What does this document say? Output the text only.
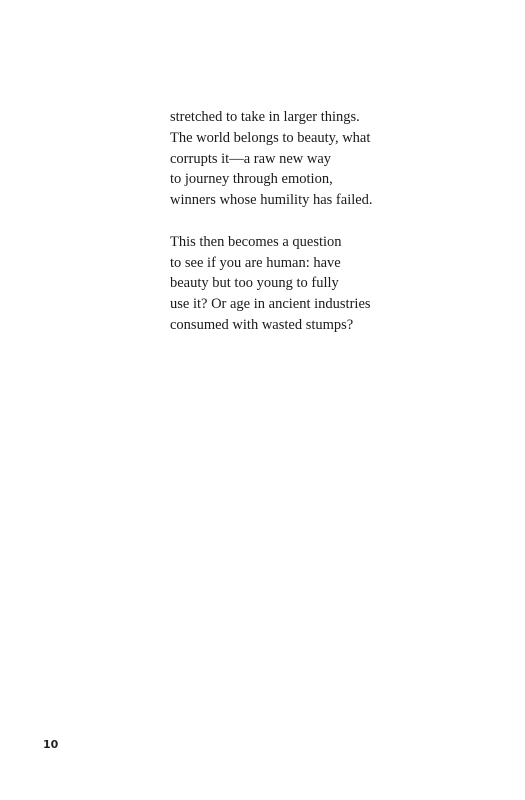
stretched to take in larger things.
The world belongs to beauty, what
corrupts it—a raw new way
to journey through emotion,
winners whose humility has failed.
This then becomes a question
to see if you are human: have
beauty but too young to fully
use it? Or age in ancient industries
consumed with wasted stumps?
10
